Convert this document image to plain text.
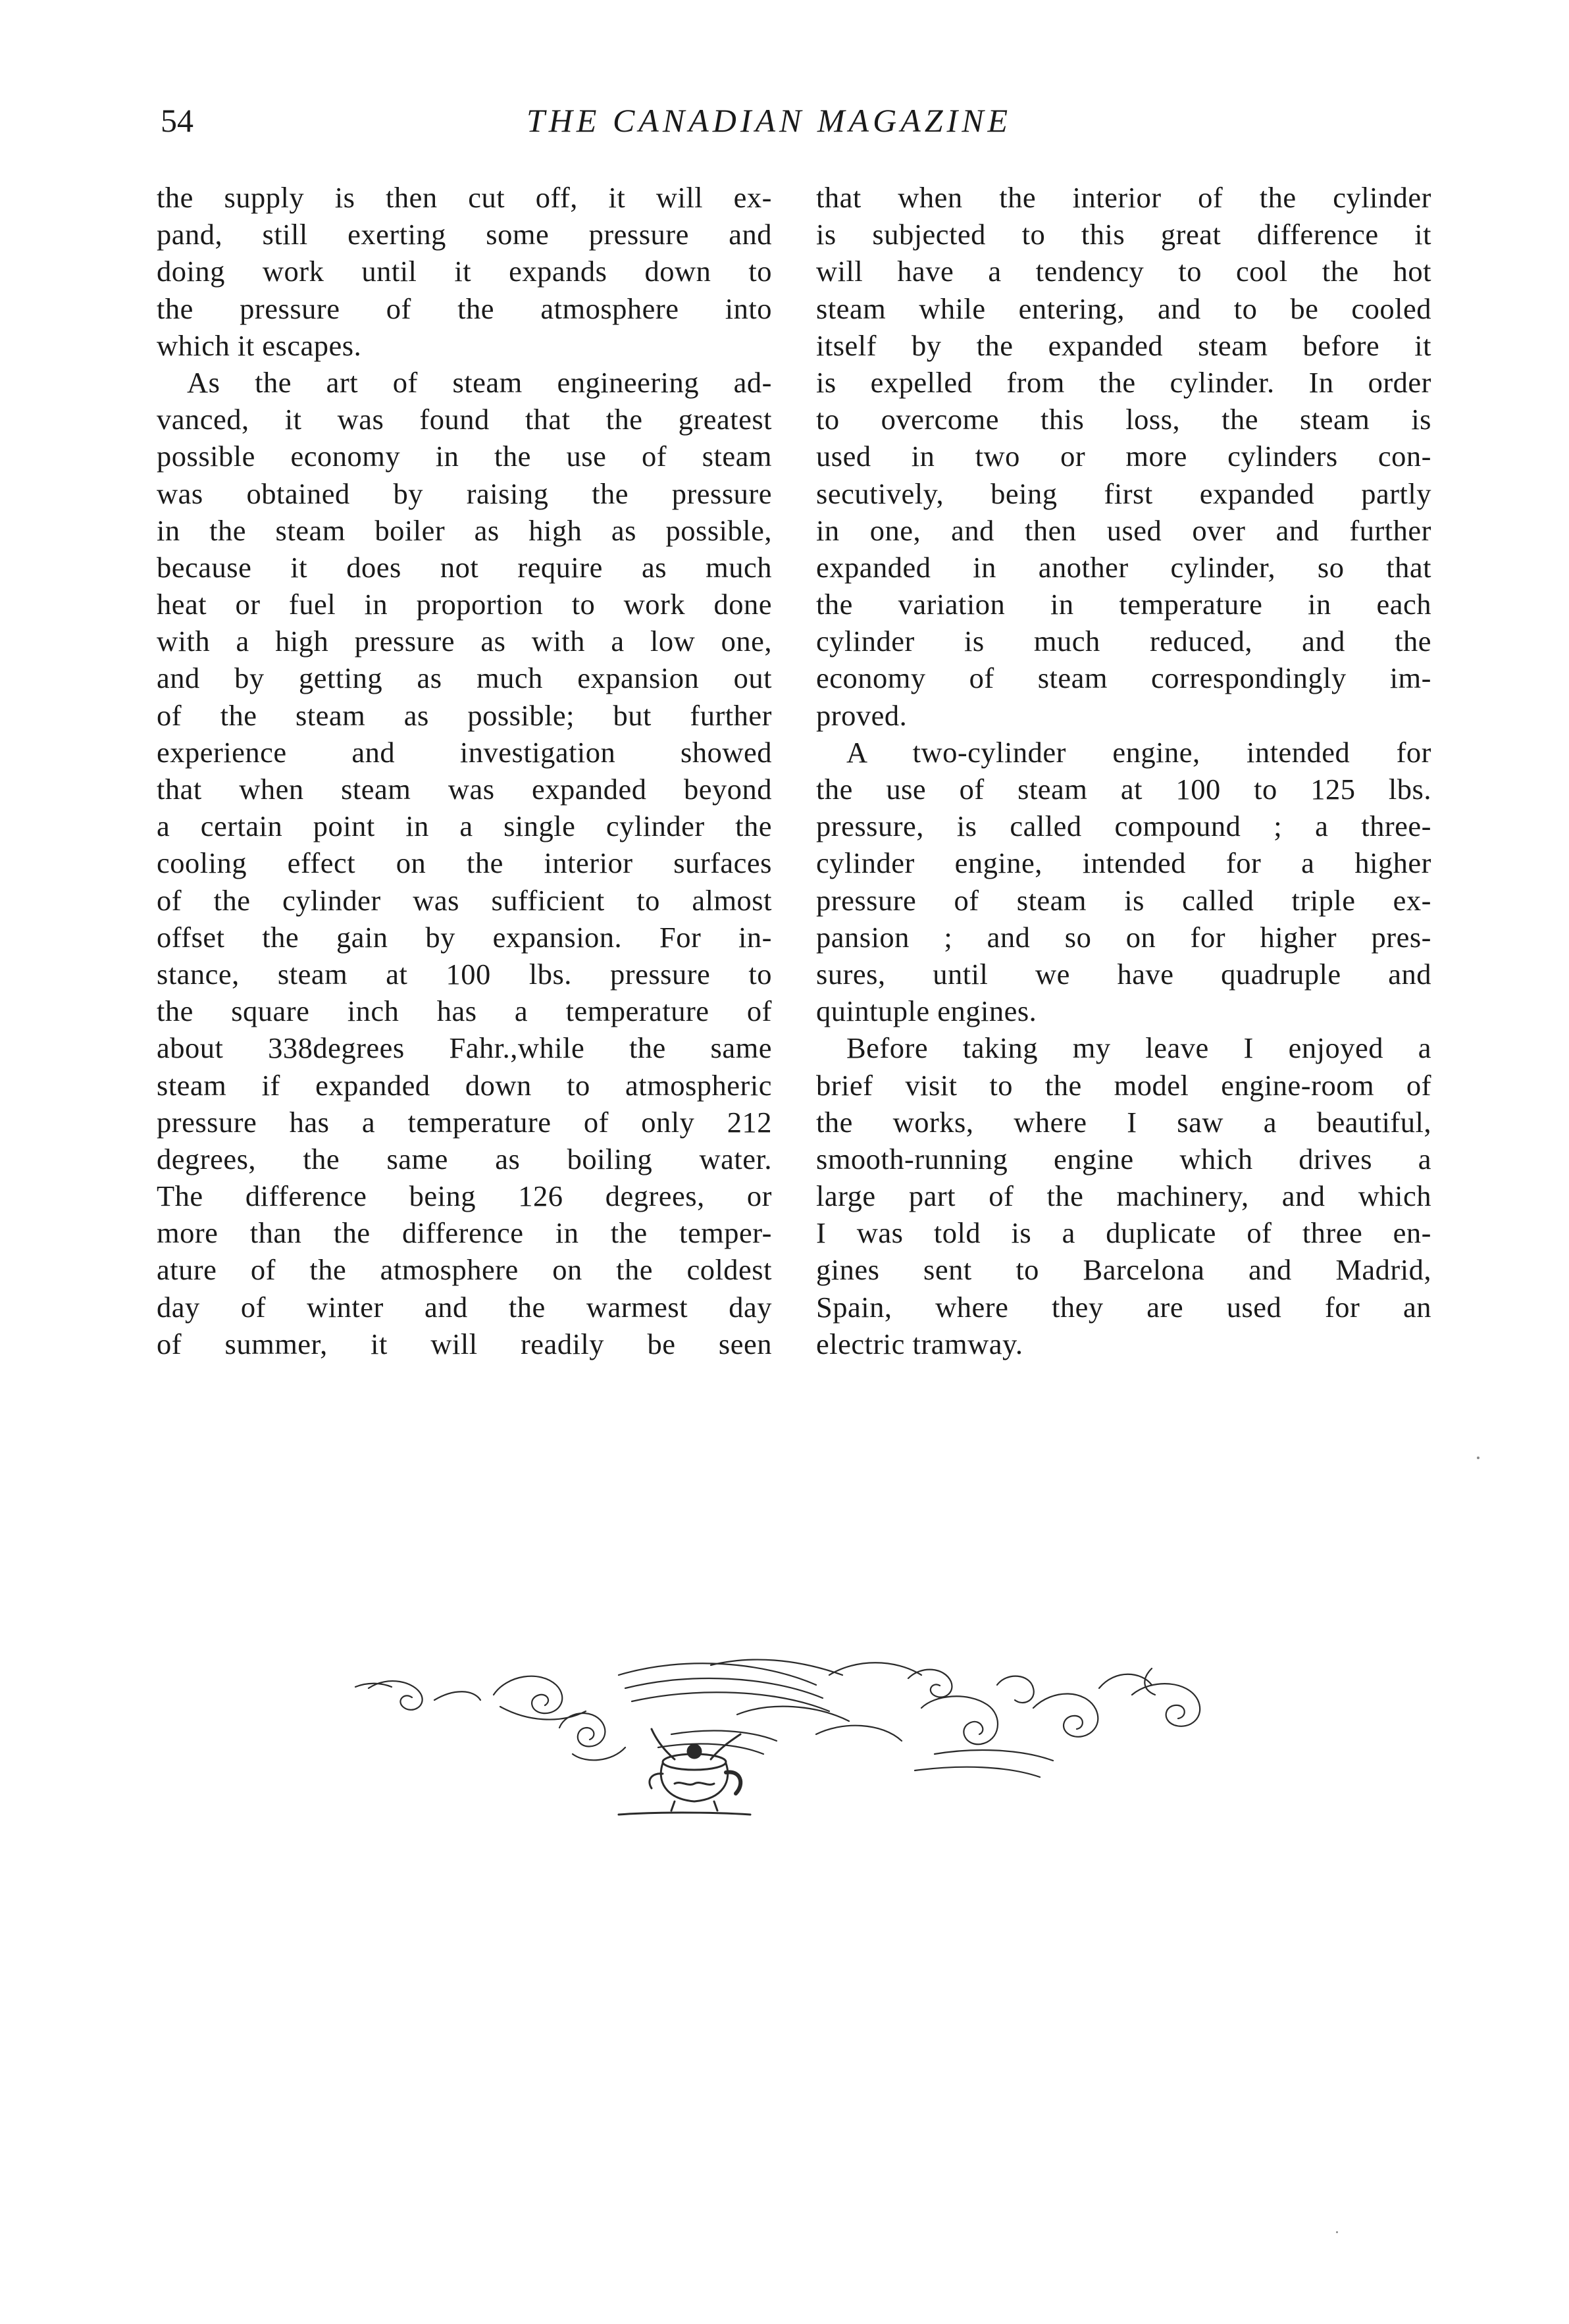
54	THE CANADIAN MAGAZINE
the supply is then cut off, it will ex-
pand, still exerting some pressure and
doing work until it expands down to
the pressure of the atmosphere into
which it escapes.
As the art of steam engineering ad-
vanced, it was found that the greatest
possible economy in the use of steam
was obtained by raising the pressure
in the steam boiler as high as possible,
because it does not require as much
heat or fuel in proportion to work done
with a high pressure as with a low one,
and by getting as much expansion out
of the steam as possible; but further
experience and investigation showed
that when steam was expanded beyond
a certain point in a single cylinder the
cooling effect on the interior surfaces
of the cylinder was sufficient to almost
offset the gain by expansion. For in-
stance, steam at 100 lbs. pressure to
the square inch has a temperature of
about 338degrees Fahr.,while the same
steam if expanded down to atmospheric
pressure has a temperature of only 212
degrees, the same as boiling water.
The difference being 126 degrees, or
more than the difference in the temper-
ature of the atmosphere on the coldest
day of winter and the warmest day
of summer, it will readily be seen
that when the interior of the cylinder
is subjected to this great difference it
will have a tendency to cool the hot
steam while entering, and to be cooled
itself by the expanded steam before it
is expelled from the cylinder. In order
to overcome this loss, the steam is
used in two or more cylinders con-
secutively, being first expanded partly
in one, and then used over and further
expanded in another cylinder, so that
the variation in temperature in each
cylinder is much reduced, and the
economy of steam correspondingly im-
proved.
A two-cylinder engine, intended for
the use of steam at 100 to 125 lbs.
pressure, is called compound ; a three-
cylinder engine, intended for a higher
pressure of steam is called triple ex-
pansion ; and so on for higher pres-
sures, until we have quadruple and
quintuple engines.
Before taking my leave I enjoyed a
brief visit to the model engine-room of
the works, where I saw a beautiful,
smooth-running engine which drives a
large part of the machinery, and which
I was told is a duplicate of three en-
gines sent to Barcelona and Madrid,
Spain, where they are used for an
electric tramway.
